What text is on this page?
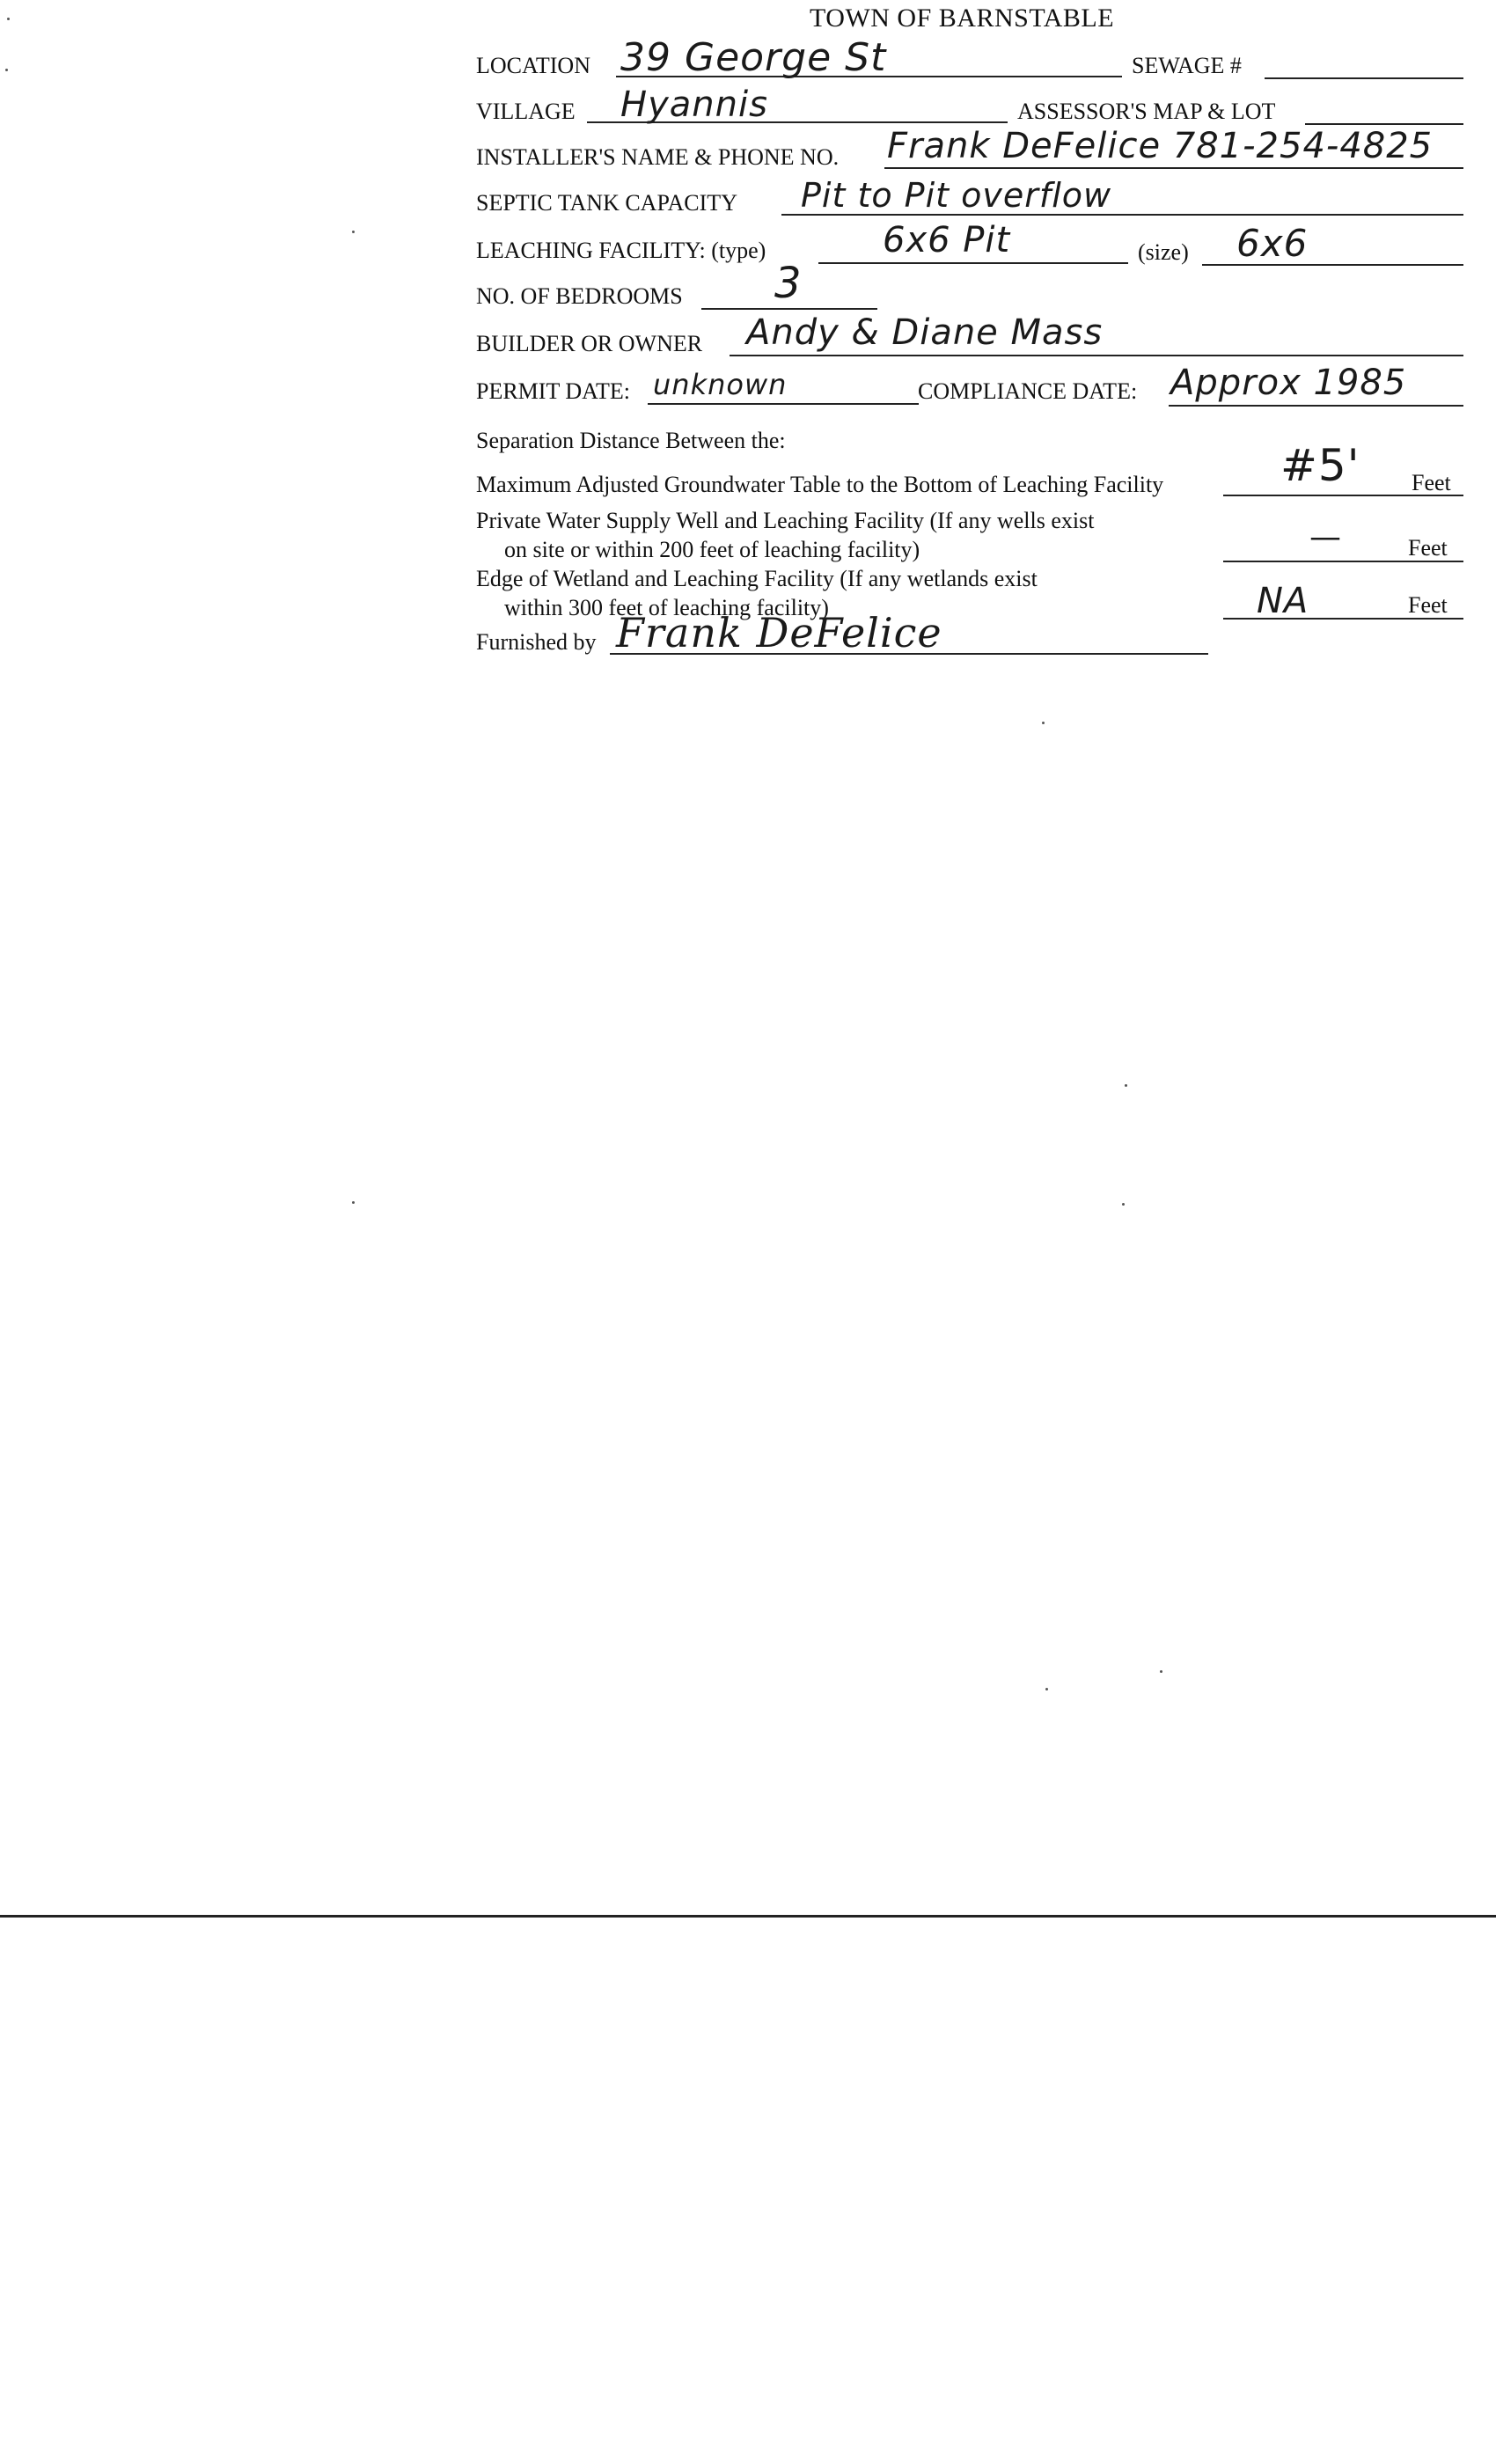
TOWN OF BARNSTABLE
LOCATION 39 George St	SEWAGE #
VILLAGE Hyannis	ASSESSOR'S MAP & LOT
INSTALLER'S NAME & PHONE NO. Frank DeFelice 781-254-4825
SEPTIC TANK CAPACITY Pit to Pit overflow
LEACHING FACILITY: (type)	6x6 Pit	(size) 6x6
NO. OF BEDROOMS 3
BUILDER OR OWNER Andy & Diane Mass
PERMIT DATE: unknown	COMPLIANCE DATE: Approx 1985
Separation Distance Between the:
Maximum Adjusted Groundwater Table to the Bottom of Leaching Facility	#5' Feet
Private Water Supply Well and Leaching Facility (If any wells exist
on site or within 200 feet of leaching facility)	—	Feet
Edge of Wetland and Leaching Facility (If any wetlands exist
within 300 feet of leaching facility)	NA	Feet
Furnished by Frank DeFelice
